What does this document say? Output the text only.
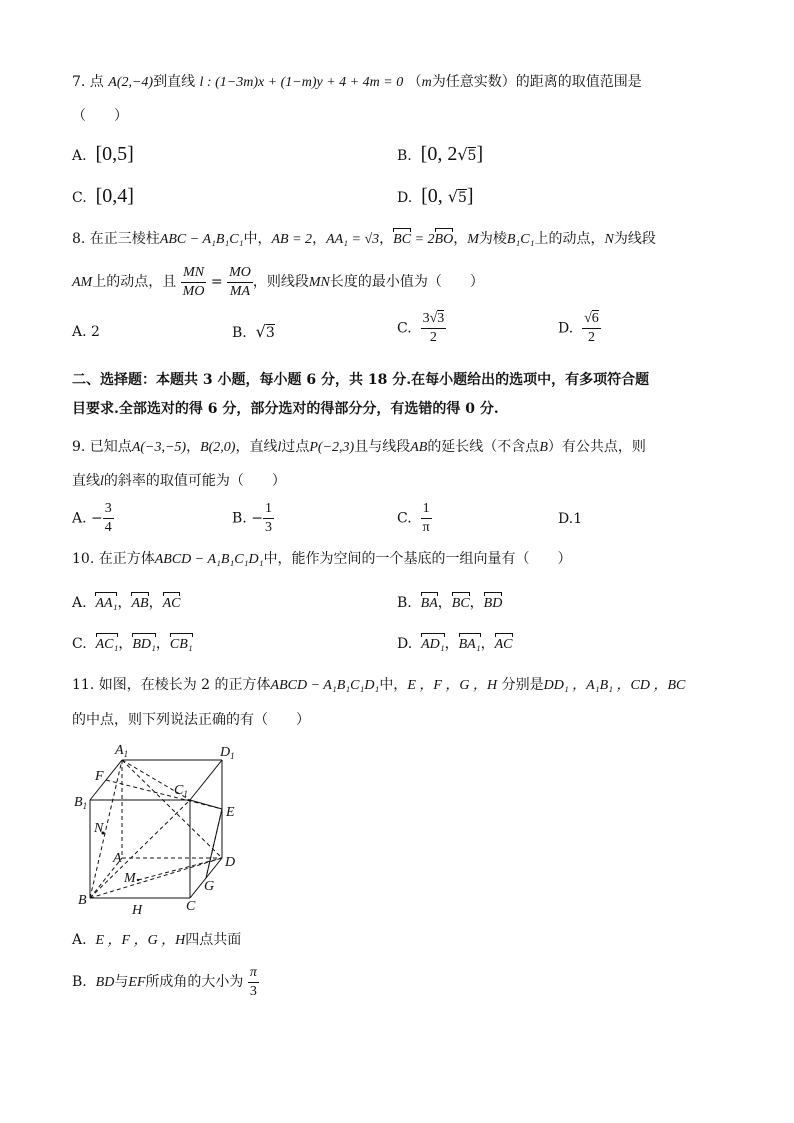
7. 点 A(2,−4)到直线 l : (1−3m)x + (1−m)y + 4 + 4m = 0 （m为任意实数）的距离的取值范围是
（　　）
A. [0,5]	B. [0, 2√5]
C. [0,4]	D. [0, √5]
8. 在正三棱柱ABC − A₁B₁C₁中，AB = 2，AA₁ = √3，BC = 2BO，M为棱B₁C₁上的动点，N为线段
AM上的动点，且 $\frac{MN}{MO} = \frac{MO}{MA}$ ，则线段MN长度的最小值为（　　）
A. 2	B. √3	C. $\frac{3√3}{2}$	D. $\frac{√6}{2}$
二、选择题：本题共 3 小题，每小题 6 分，共 18 分.在每小题给出的选项中，有多项符合题
目要求.全部选对的得 6 分，部分选对的得部分分，有选错的得 0 分.
9. 已知点A(−3,−5)，B(2,0)，直线l过点P(−2,3)且与线段AB的延长线（不含点B）有公共点，则
直线l的斜率的取值可能为（　　）
A. − $\frac{3}{4}$	B. − $\frac{1}{3}$	C. $\frac{1}{\pi}$	D.1
10. 在正方体ABCD − A₁B₁C₁D₁中，能作为空间的一个基底的一组向量有（　　）
A. AA₁，AB，AC	B. BA，BC，BD
C. AC₁，BD₁，CB₁	D. AD₁，BA₁，AC
11. 如图，在棱长为 2 的正方体ABCD − A₁B₁C₁D₁中，E ，F ，G ，H 分别是DD₁ ，A₁B₁ ，CD ，BC
的中点，则下列说法正确的有（　　）
$A_1$	$D_1$
F
$C_1$
$B_1$	E
N
A	D
M
G
B
H	C
A. E ，F ，G ，H四点共面
B. BD与EF所成角的大小为 $\frac{\pi}{3}$
